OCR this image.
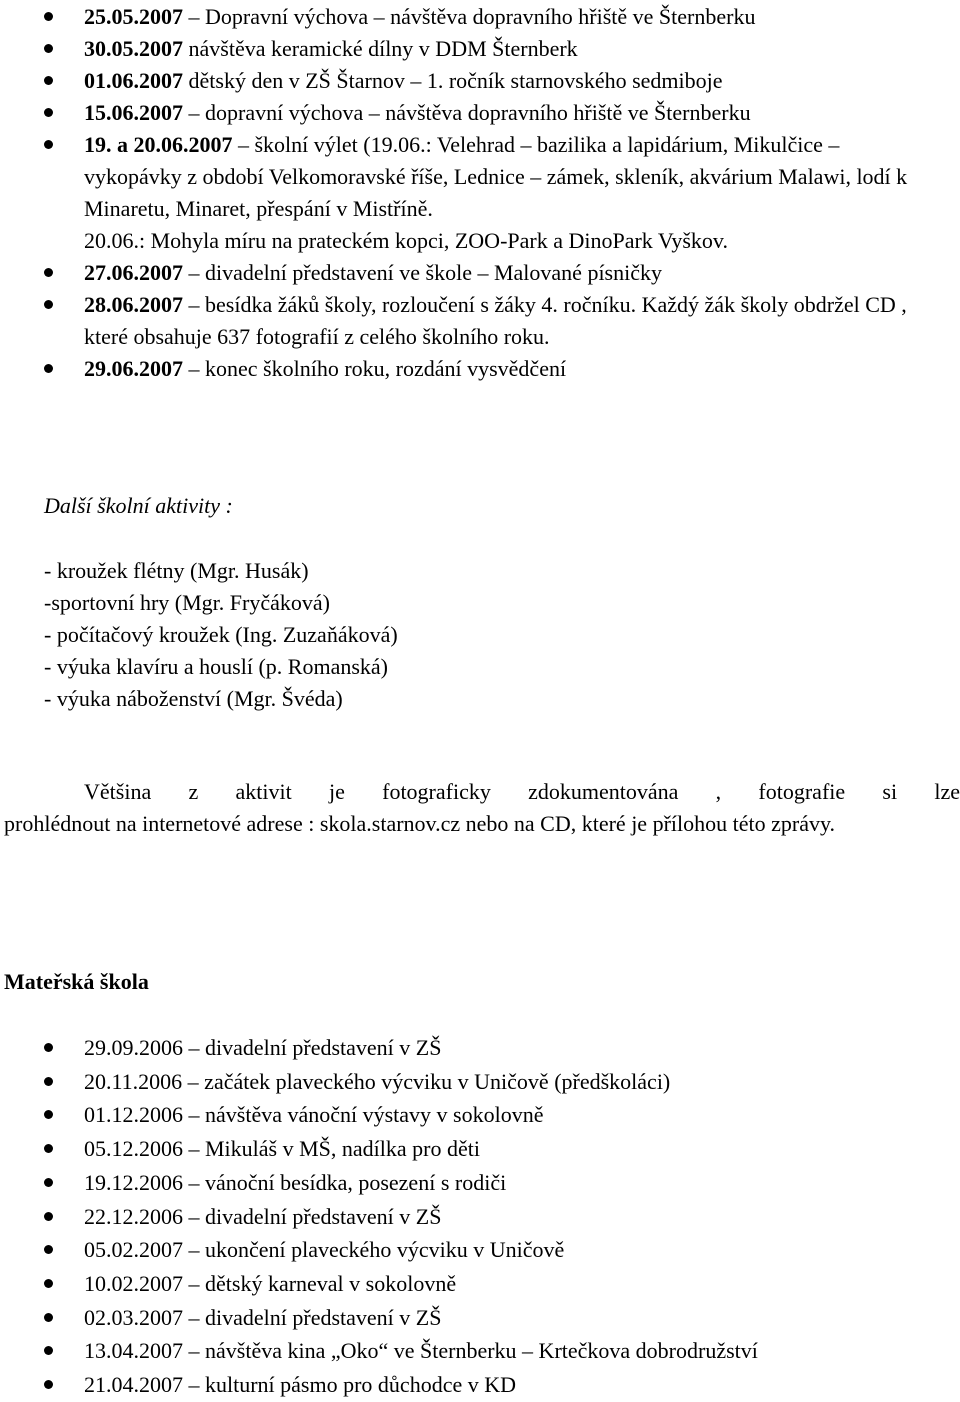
25.05.2007 – Dopravní výchova – návštěva dopravního hřiště ve Šternberku
30.05.2007 návštěva keramické dílny v DDM Šternberk
01.06.2007 dětský den v ZŠ Štarnov – 1. ročník starnovského sedmiboje
15.06.2007 – dopravní výchova – návštěva dopravního hřiště ve Šternberku
19. a 20.06.2007 – školní výlet (19.06.: Velehrad – bazilika a lapidárium, Mikulčice – vykopávky z období Velkomoravské říše, Lednice – zámek, skleník, akvárium Malawi, lodí k Minaretu, Minaret, přespání v Mistříně.
20.06.: Mohyla míru na prateckém kopci, ZOO-Park a DinoPark Vyškov.
27.06.2007 – divadelní představení ve škole – Malované písničky
28.06.2007 – besídka žáků školy, rozloučení s žáky 4. ročníku. Každý žák školy obdržel CD , které obsahuje 637 fotografií z celého školního roku.
29.06.2007 – konec školního roku, rozdání vysvědčení
Další školní aktivity :
- kroužek flétny (Mgr. Husák)
-sportovní hry (Mgr. Fryčáková)
- počítačový kroužek (Ing. Zuzaňáková)
- výuka klavíru a houslí (p. Romanská)
- výuka náboženství (Mgr. Švéda)
Většina z aktivit je fotograficky zdokumentována , fotografie si lze
prohlédnout na internetové adrese : skola.starnov.cz nebo na CD, které je přílohou této zprávy.
Mateřská škola
29.09.2006 – divadelní představení v ZŠ
20.11.2006 – začátek plaveckého výcviku v Uničově (předškoláci)
01.12.2006 – návštěva vánoční výstavy v sokolovně
05.12.2006 – Mikuláš v MŠ, nadílka pro děti
19.12.2006 – vánoční besídka, posezení s rodiči
22.12.2006 – divadelní představení v ZŠ
05.02.2007 – ukončení plaveckého výcviku v Uničově
10.02.2007 – dětský karneval v sokolovně
02.03.2007 – divadelní představení v ZŠ
13.04.2007 – návštěva kina „Oko“ ve Šternberku – Krtečkova dobrodružství
21.04.2007 – kulturní pásmo pro důchodce v KD
